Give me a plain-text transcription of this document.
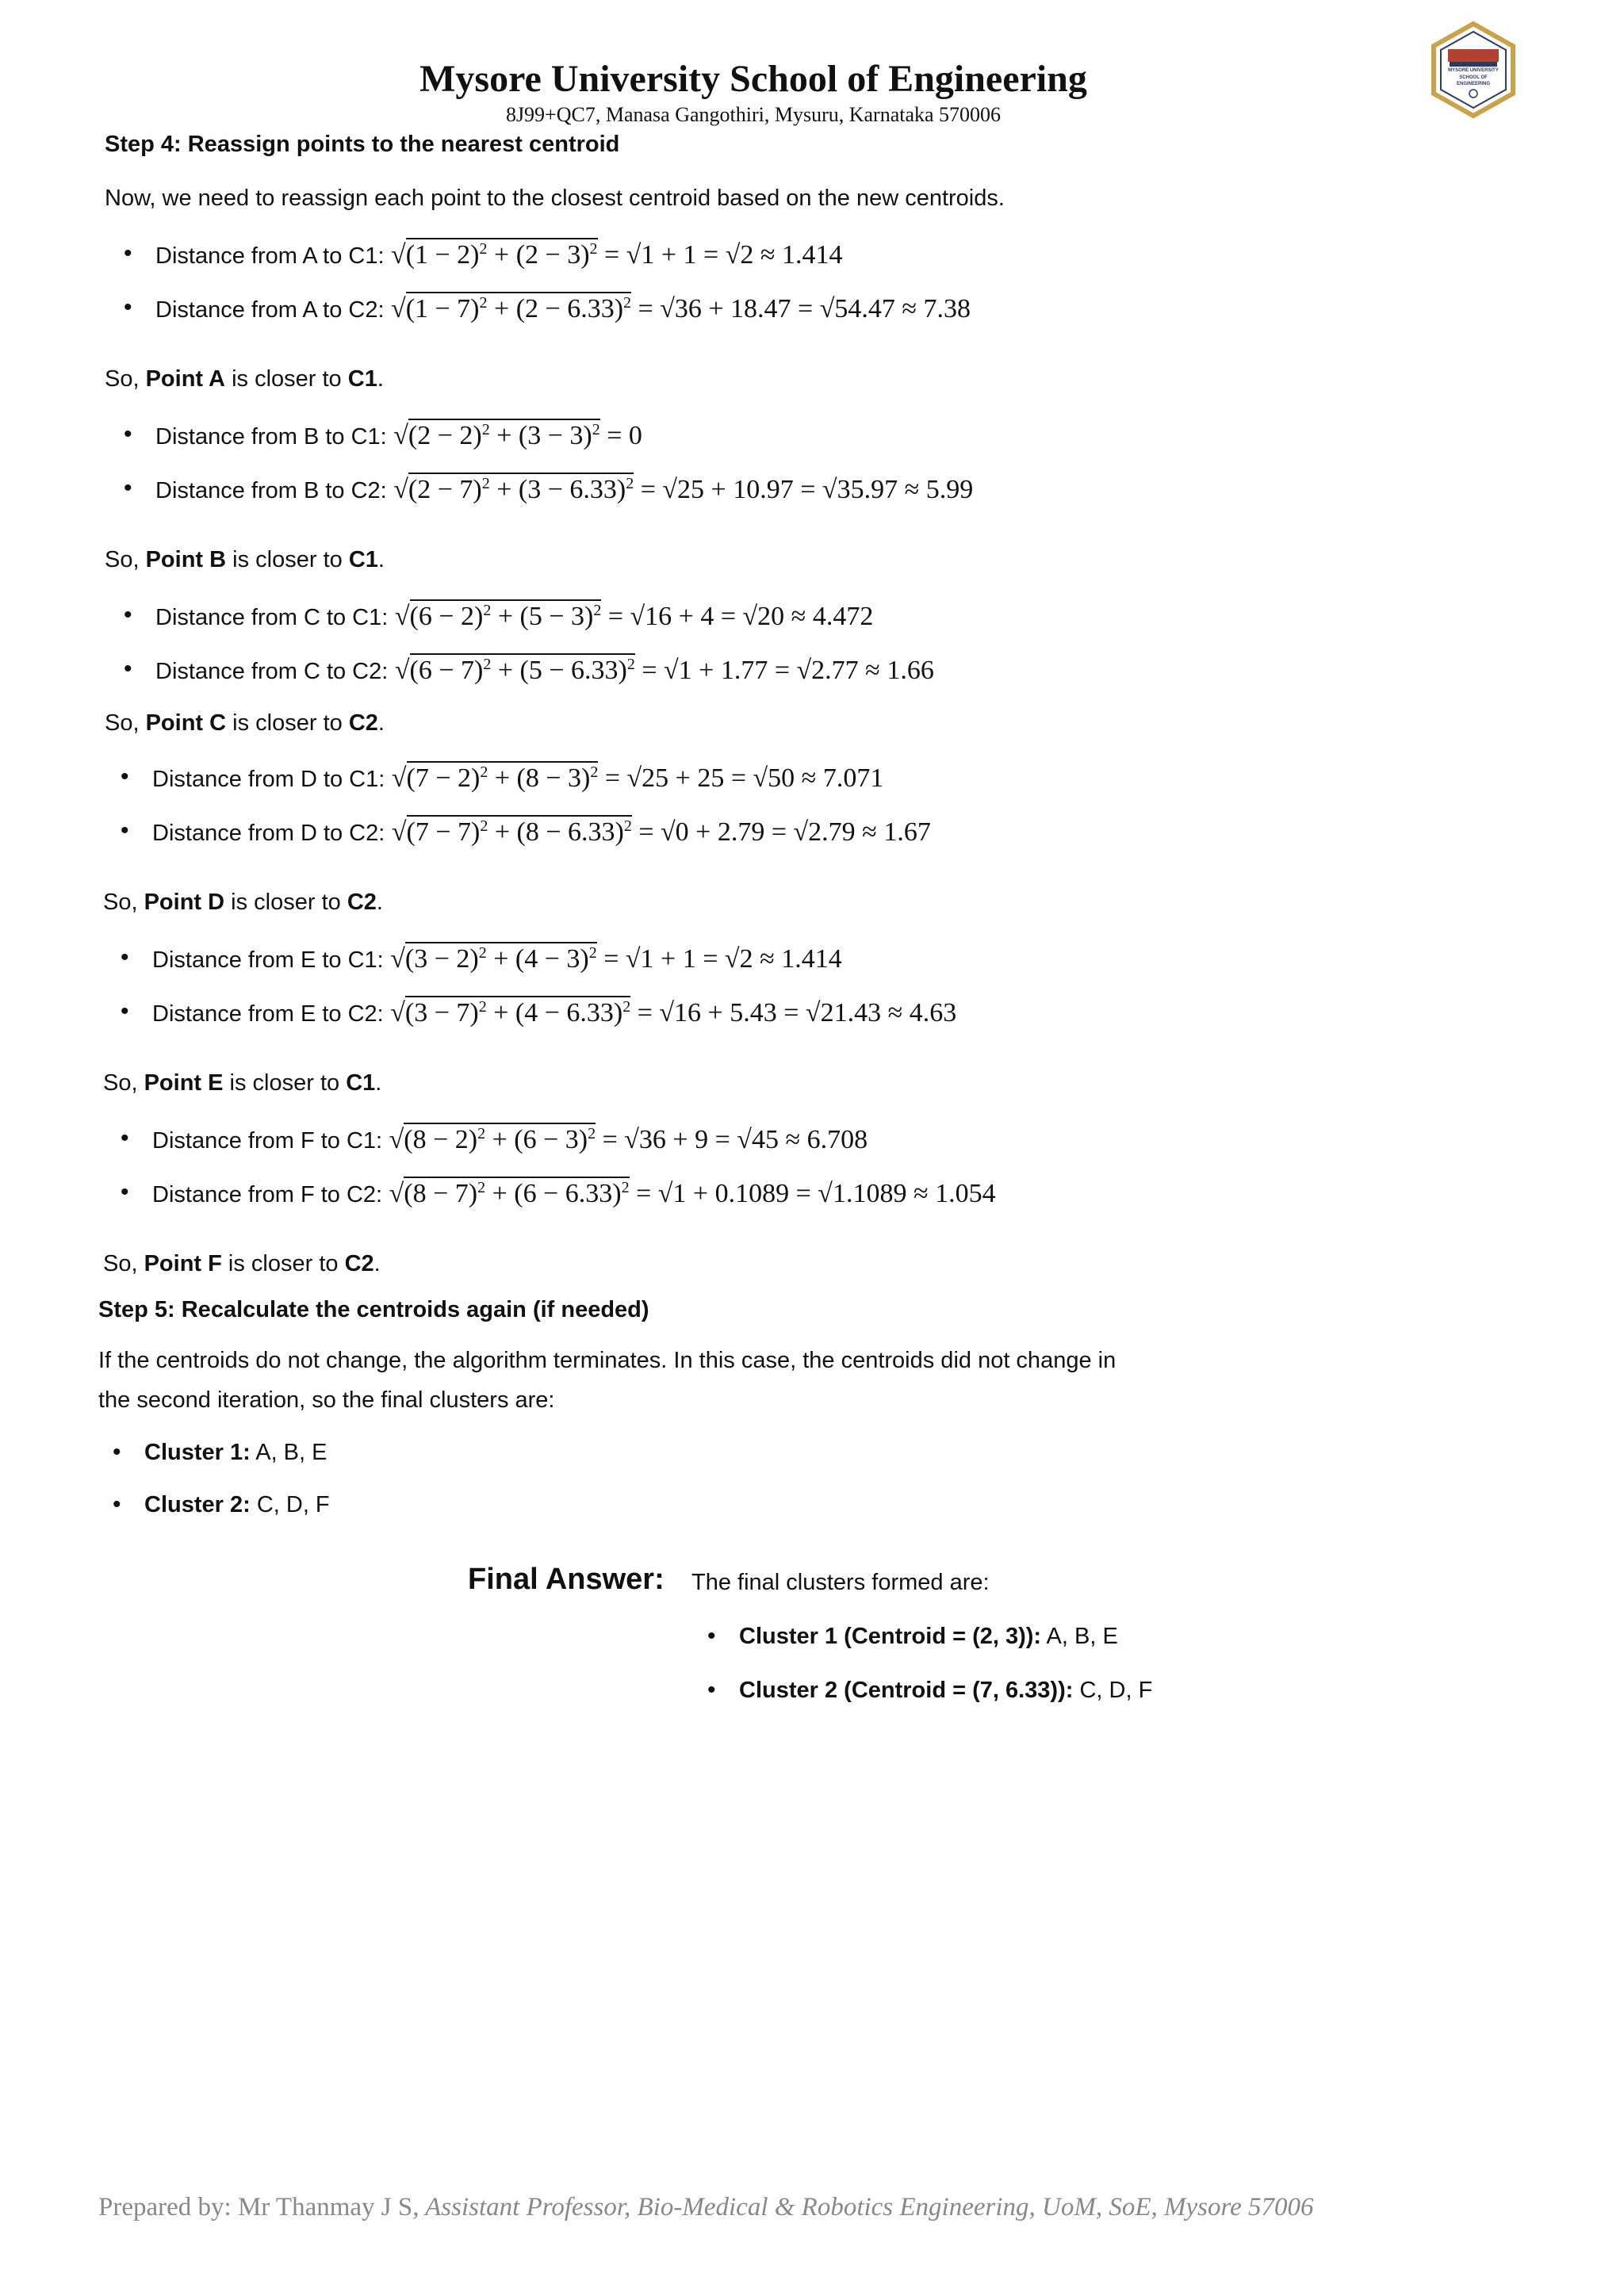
Mysore University School of Engineering
8J99+QC7, Manasa Gangothiri, Mysuru, Karnataka 570006
MYSORE UNIVERSITY
SCHOOL OF
ENGINEERING
Step 4: Reassign points to the nearest centroid
Now, we need to reassign each point to the closest centroid based on the new centroids.
• Distance from A to C1: $√(1 - 2)^2 + (2 - 3)^2 = √1 + 1 = √2 \approx 1.414$
• Distance from A to C2: $√(1 - 7)^2 + (2 - 6.33)^2 = √36 + 18.47 = √54.47 \approx 7.38$
So, Point A is closer to C1.
• Distance from B to C1: $√(2 - 2)^2 + (3 - 3)^2 = 0$
• Distance from B to C2: $√(2 - 7)^2 + (3 - 6.33)^2 = √25 + 10.97 = √35.97 \approx 5.99$
So, Point B is closer to C1.
• Distance from C to C1: $√(6 - 2)^2 + (5 - 3)^2 = √16 + 4 = √20 \approx 4.472$
• Distance from C to C2: $√(6 - 7)^2 + (5 - 6.33)^2 = √1 + 1.77 = √2.77 \approx 1.66$
So, Point C is closer to C2.
• Distance from D to C1: $√(7 - 2)^2 + (8 - 3)^2 = √25 + 25 = √50 \approx 7.071$
• Distance from D to C2: $√(7 - 7)^2 + (8 - 6.33)^2 = √0 + 2.79 = √2.79 \approx 1.67$
So, Point D is closer to C2.
• Distance from E to C1: $√(3 - 2)^2 + (4 - 3)^2 = √1 + 1 = √2 \approx 1.414$
• Distance from E to C2: $√(3 - 7)^2 + (4 - 6.33)^2 = √16 + 5.43 = √21.43 \approx 4.63$
So, Point E is closer to C1.
• Distance from F to C1: $√(8 - 2)^2 + (6 - 3)^2 = √36 + 9 = √45 \approx 6.708$
• Distance from F to C2: $√(8 - 7)^2 + (6 - 6.33)^2 = √1 + 0.1089 = √1.1089 \approx 1.054$
So, Point F is closer to C2.
Step 5: Recalculate the centroids again (if needed)
If the centroids do not change, the algorithm terminates. In this case, the centroids did not change in
the second iteration, so the final clusters are:
• Cluster 1: A, B, E
• Cluster 2: C, D, F
Final Answer: The final clusters formed are:
• Cluster 1 (Centroid = (2, 3)): A, B, E
• Cluster 2 (Centroid = (7, 6.33)): C, D, F
Prepared by: Mr Thanmay J S, Assistant Professor, Bio-Medical & Robotics Engineering, UoM, SoE, Mysore 57006
